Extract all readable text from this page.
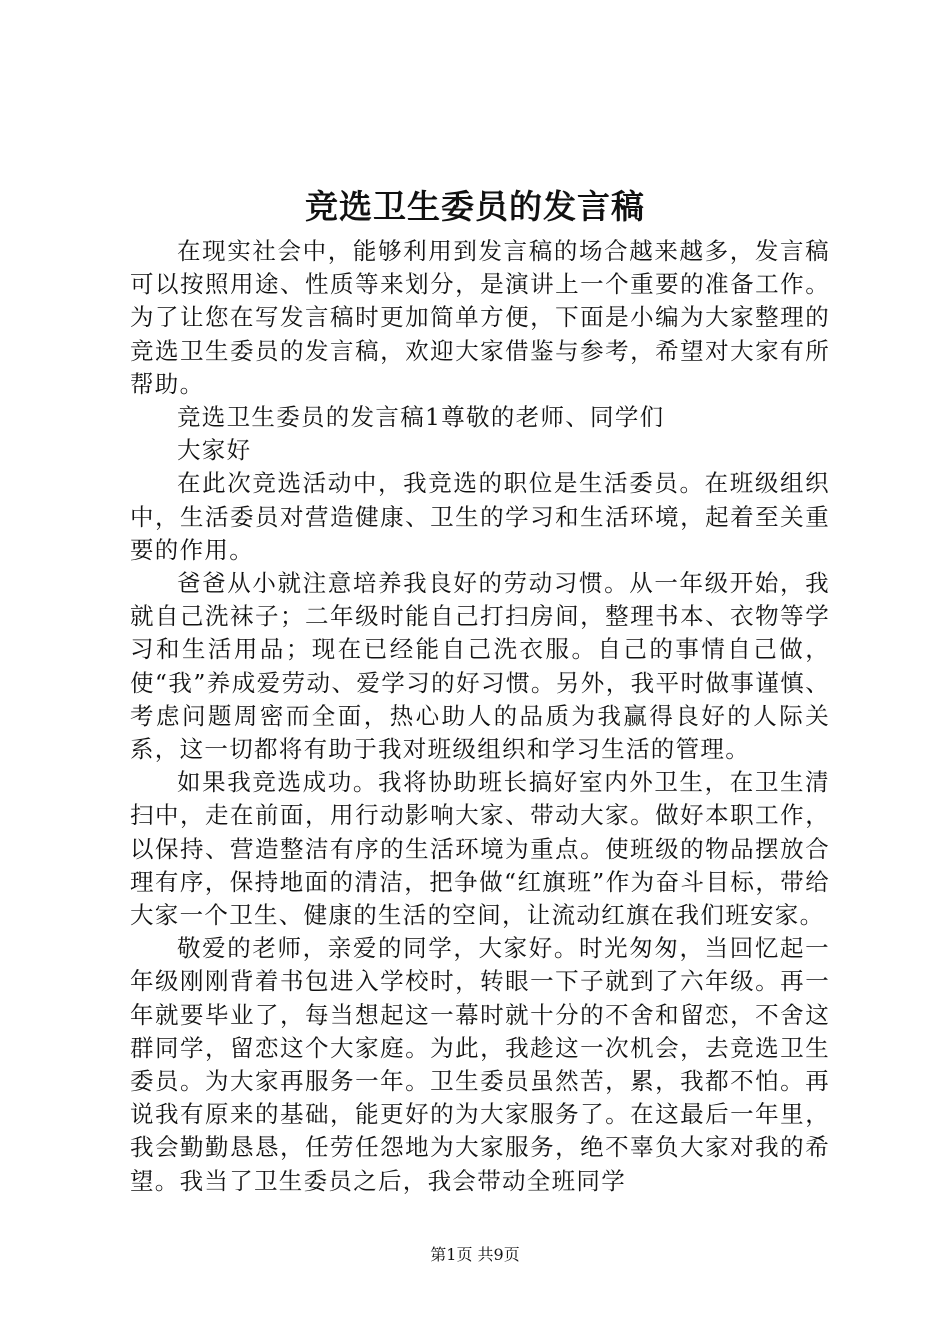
竞选卫生委员的发言稿

在现实社会中，能够利用到发言稿的场合越来越多，发言稿可以按照用途、性质等来划分，是演讲上一个重要的准备工作。为了让您在写发言稿时更加简单方便，下面是小编为大家整理的竞选卫生委员的发言稿，欢迎大家借鉴与参考，希望对大家有所帮助。

竞选卫生委员的发言稿1尊敬的老师、同学们

大家好

在此次竞选活动中，我竞选的职位是生活委员。在班级组织中，生活委员对营造健康、卫生的学习和生活环境，起着至关重要的作用。

爸爸从小就注意培养我良好的劳动习惯。从一年级开始，我就自己洗袜子；二年级时能自己打扫房间，整理书本、衣物等学习和生活用品；现在已经能自己洗衣服。自己的事情自己做，使“我”养成爱劳动、爱学习的好习惯。另外，我平时做事谨慎、考虑问题周密而全面，热心助人的品质为我赢得良好的人际关系，这一切都将有助于我对班级组织和学习生活的管理。

如果我竞选成功。我将协助班长搞好室内外卫生，在卫生清扫中，走在前面，用行动影响大家、带动大家。做好本职工作，以保持、营造整洁有序的生活环境为重点。使班级的物品摆放合理有序，保持地面的清洁，把争做“红旗班”作为奋斗目标，带给大家一个卫生、健康的生活的空间，让流动红旗在我们班安家。

敬爱的老师，亲爱的同学，大家好。时光匆匆，当回忆起一年级刚刚背着书包进入学校时，转眼一下子就到了六年级。再一年就要毕业了，每当想起这一幕时就十分的不舍和留恋，不舍这群同学，留恋这个大家庭。为此，我趁这一次机会，去竞选卫生委员。为大家再服务一年。卫生委员虽然苦，累，我都不怕。再说我有原来的基础，能更好的为大家服务了。在这最后一年里，我会勤勤恳恳，任劳任怨地为大家服务，绝不辜负大家对我的希望。我当了卫生委员之后，我会带动全班同学

第1页 共9页
